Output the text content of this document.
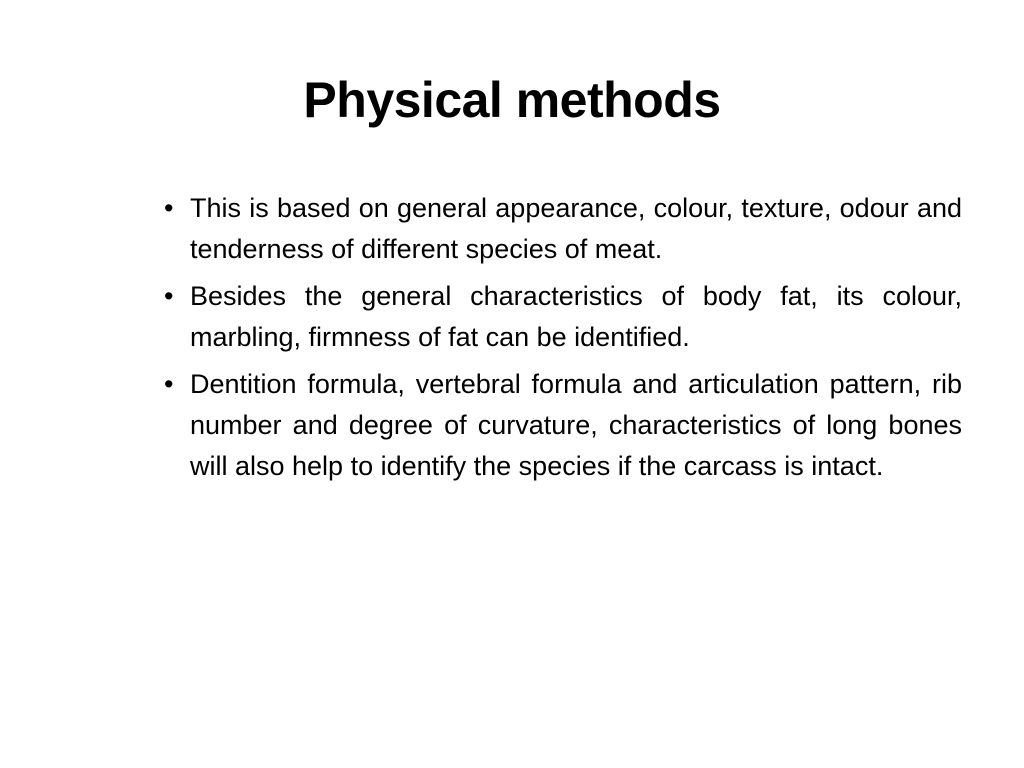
Physical methods
• This is based on general appearance, colour, texture, odour and tenderness of different species of meat.
• Besides the general characteristics of body fat, its colour, marbling, firmness of fat can be identified.
• Dentition formula, vertebral formula and articulation pattern, rib number and degree of curvature, characteristics of long bones will also help to identify the species if the carcass is intact.
